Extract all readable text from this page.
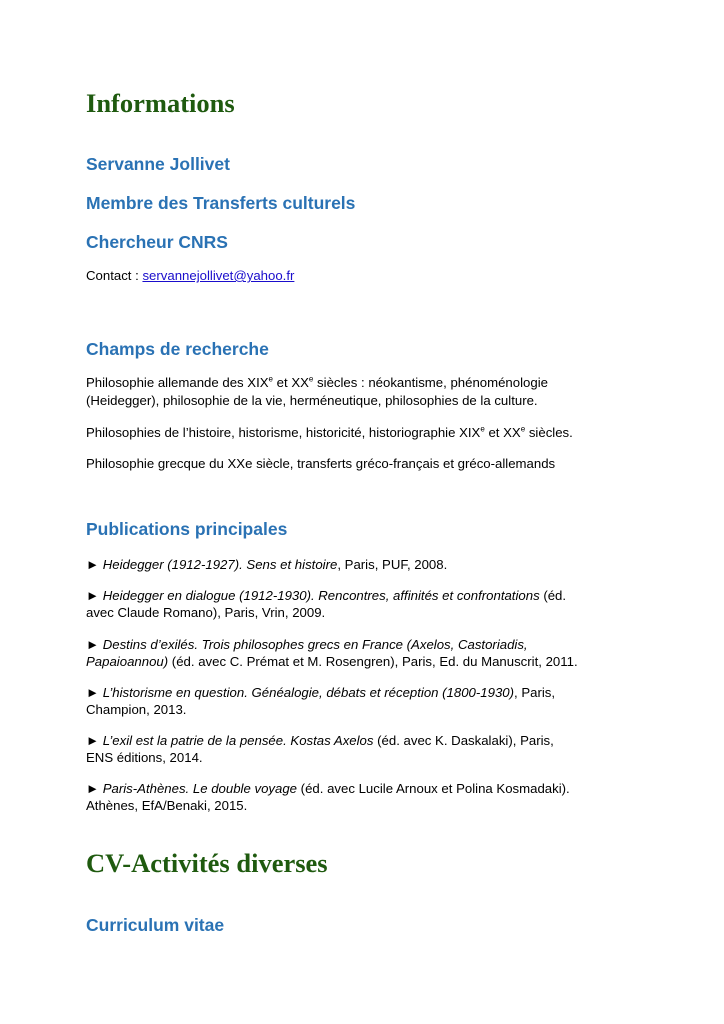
Informations
Servanne Jollivet
Membre des Transferts culturels
Chercheur CNRS
Contact : servannejollivet@yahoo.fr
Champs de recherche
Philosophie allemande des XIXe et XXe siècles : néokantisme, phénoménologie
(Heidegger), philosophie de la vie, herméneutique, philosophies de la culture.
Philosophies de l’histoire, historisme, historicité, historiographie XIXe et XXe siècles.
Philosophie grecque du XXe siècle, transferts gréco-français et gréco-allemands
Publications principales
► Heidegger (1912-1927). Sens et histoire, Paris, PUF, 2008.
► Heidegger en dialogue (1912-1930). Rencontres, affinités et confrontations (éd.
avec Claude Romano), Paris, Vrin, 2009.
► Destins d’exilés. Trois philosophes grecs en France (Axelos, Castoriadis,
Papaioannou) (éd. avec C. Prémat et M. Rosengren), Paris, Ed. du Manuscrit, 2011.
► L’historisme en question. Généalogie, débats et réception (1800-1930), Paris,
Champion, 2013.
► L’exil est la patrie de la pensée. Kostas Axelos (éd. avec K. Daskalaki), Paris,
ENS éditions, 2014.
► Paris-Athènes. Le double voyage (éd. avec Lucile Arnoux et Polina Kosmadaki).
Athènes, EfA/Benaki, 2015.
CV-Activités diverses
Curriculum vitae
